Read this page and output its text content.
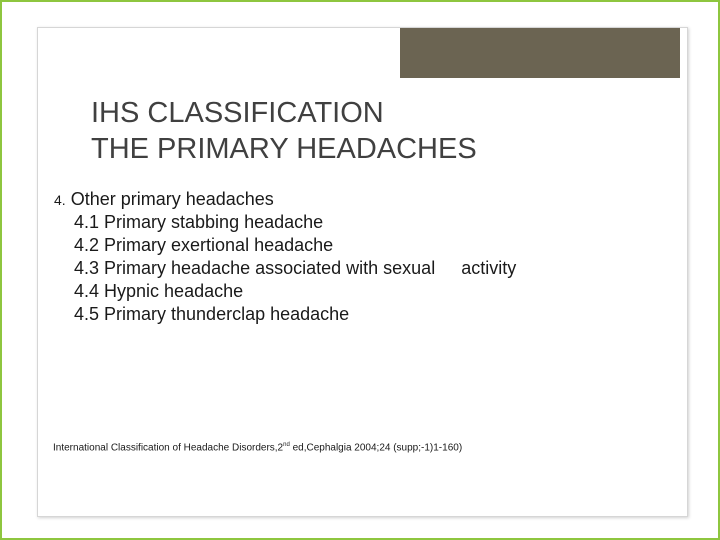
IHS CLASSIFICATION
THE PRIMARY HEADACHES
4. Other primary headaches
4.1 Primary stabbing headache
4.2 Primary exertional headache
4.3 Primary headache associated with sexual activity
4.4 Hypnic headache
4.5 Primary thunderclap headache
International Classification of Headache Disorders,2nd ed,Cephalgia 2004;24 (supp;-1)1-160)
